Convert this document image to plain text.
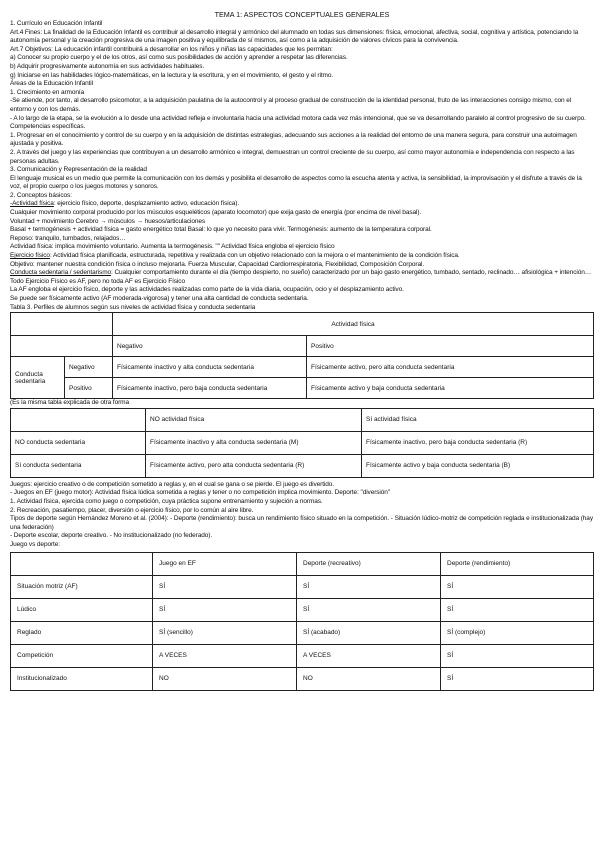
TEMA 1: ASPECTOS CONCEPTUALES GENERALES

1. Currículo en Educación Infantil

Art.4 Fines: La finalidad de la Educación Infantil es contribuir al desarrollo integral y armónico del alumnado en todas sus dimensiones: física, emocional, afectiva, social, cognitiva y artística, potenciando la autonomía personal y la creación progresiva de una imagen positiva y equilibrada de sí mismos, así como a la adquisición de valores cívicos para la convivencia.

Art.7 Objetivos: La educación infantil contribuirá a desarrollar en los niños y niñas las capacidades que les permitan:

a) Conocer su propio cuerpo y el de los otros, así como sus posibilidades de acción y aprender a respetar las diferencias.

b) Adquirir progresivamente autonomía en sus actividades habituales.

g) Iniciarse en las habilidades lógico-matemáticas, en la lectura y la escritura, y en el movimiento, el gesto y el ritmo.

Áreas de la Educación Infantil

1. Crecimiento en armonía

-Se atiende, por tanto, al desarrollo psicomotor, a la adquisición paulatina de la autocontrol y al proceso gradual de construcción de la identidad personal, fruto de las interacciones consigo mismo, con el entorno y con los demás.

- A lo largo de la etapa, se la evolución a lo desde una actividad refleja e involuntaria hacia una actividad motora cada vez más intencional, que se va desarrollando paralelo al control progresivo de su cuerpo.

Competencias específicas.

1. Progresar en el conocimiento y control de su cuerpo y en la adquisición de distintas estrategias, adecuando sus acciones a la realidad del entorno de una manera segura, para construir una autoimagen ajustada y positiva.

2. A través del juego y las experiencias que contribuyen a un desarrollo armónico e integral, demuestran un control creciente de su cuerpo, así como mayor autonomía e independencia con respecto a las personas adultas.

3. Comunicación y Representación de la realidad

El lenguaje musical es un medio que permite la comunicación con los demás y posibilita el desarrollo de aspectos como la escucha atenta y activa, la sensibilidad, la improvisación y el disfrute a través de la voz, el propio cuerpo o los juegos motores y sonoros.

2. Conceptos básicos:

-Actividad física: ejercicio físico, deporte, desplazamiento activo, educación física).

Cualquier movimiento corporal producido por los músculos esqueléticos (aparato locomotor) que exija gasto de energía (por encima de nivel basal).

Voluntad + movimiento Cerebro → músculos → huesos/articulaciones

Basal + termogénesis + actividad física = gasto energético total Basal: lo que yo necesito para vivir. Termogénesis: aumento de la temperatura corporal.

Reposo: tranquilo, tumbados, relajados…

Actividad física: implica movimiento voluntario. Aumenta la termogénesis. "" Actividad física engloba el ejercicio físico

Ejercicio físico: Actividad física planificada, estructurada, repetitiva y realizada con un objetivo relacionado con la mejora o el mantenimiento de la condición física.

Objetivo: mantener nuestra condición física o incluso mejorarla. Fuerza Muscular, Capacidad Cardiorrespiratoria, Flexibilidad, Composición Corporal.

Conducta sedentaria / sedentarismo: Cualquier comportamiento durante el día (tiempo despierto, no sueño) caracterizado por un bajo gasto energético, tumbado, sentado, reclinado… afisiológica + intención… Todo Ejercicio Físico es AF, pero no toda AF es Ejercicio Físico

La AF engloba el ejercicio físico, deporte y las actividades realizadas como parte de la vida diaria, ocupación, ocio y el desplazamiento activo.

Se puede ser físicamente activo (AF moderada-vigorosa) y tener una alta cantidad de conducta sedentaria.

Tabla 3. Perfiles de alumnos según sus niveles de actividad física y conducta sedentaria

		Actividad física	
		Negativo	Positivo
Conducta sedentaria	Negativo	Físicamente inactivo y alta conducta sedentaria	Físicamente activo, pero alta conducta sedentaria
	Positivo	Físicamente inactivo, pero baja conducta sedentaria	Físicamente activo y baja conducta sedentaria

(Es la misma tabla explicada de otra forma

	NO actividad física	Sí actividad física
NO conducta sedentaria	Físicamente inactivo y alta conducta sedentaria (M)	Físicamente inactivo, pero baja conducta sedentaria (R)
Sí conducta sedentaria	Físicamente activo, pero alta conducta sedentaria (R)	Físicamente activo y baja conducta sedentaria (B)

Juegos: ejercicio creativo o de competición sometido a reglas y, en el cual se gana o se pierde. El juego es divertido.

- Juegos en EF (juego motor): Actividad física lúdica sometida a reglas y tener o no competición implica movimiento. Deporte: "diversión"

1. Actividad física, ejercida como juego o competición, cuya práctica supone entrenamiento y sujeción a normas.

2. Recreación, pasatiempo, placer, diversión o ejercicio físico, por lo común al aire libre.

Tipos de deporte según Hernández Moreno et al. (2004): - Deporte (rendimiento): busca un rendimiento físico situado en la competición. - Situación lúdico-motriz de competición reglada e institucionalizada (hay una federación)

- Deporte escolar, deporte creativo. - No institucionalizado (no federado).

Juego vs deporte:

	Juego en EF	Deporte (recreativo)	Deporte (rendimiento)
Situación motriz (AF)	SÍ	SÍ	SÍ
Lúdico	SÍ	SÍ	SÍ
Reglado	SÍ (sencillo)	SÍ (acabado)	SÍ (complejo)
Competición	A VECES	A VECES	SÍ
Institucionalizado	NO	NO	SÍ
